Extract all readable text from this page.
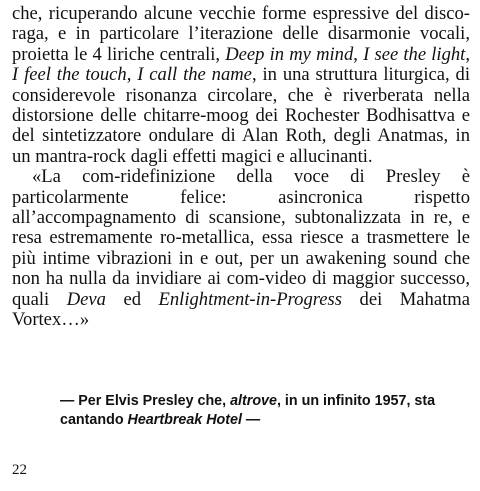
che, ricuperando alcune vecchie forme espressive del disco-raga, e in particolare l’iterazione delle disarmonie vocali, proietta le 4 liriche centrali, Deep in my mind, I see the light, I feel the touch, I call the name, in una struttura liturgica, di considerevole risonanza circolare, che è riverberata nella distorsione delle chitarre-moog dei Rochester Bodhisattva e del sintetizzatore ondulare di Alan Roth, degli Anatmas, in un mantra-rock dagli effetti magici e allucinanti.

«La com-ridefinizione della voce di Presley è particolarmente felice: asincronica rispetto all’accompagnamento di scansione, subtonalizzata in re, e resa estremamente ro-metallica, essa riesce a trasmettere le più intime vibrazioni in e out, per un awakening sound che non ha nulla da invidiare ai com-video di maggior successo, quali Deva ed Enlightment-in-Progress dei Mahatma Vortex…»

— Per Elvis Presley che, altrove, in un infinito 1957, sta cantando Heartbreak Hotel —

22
